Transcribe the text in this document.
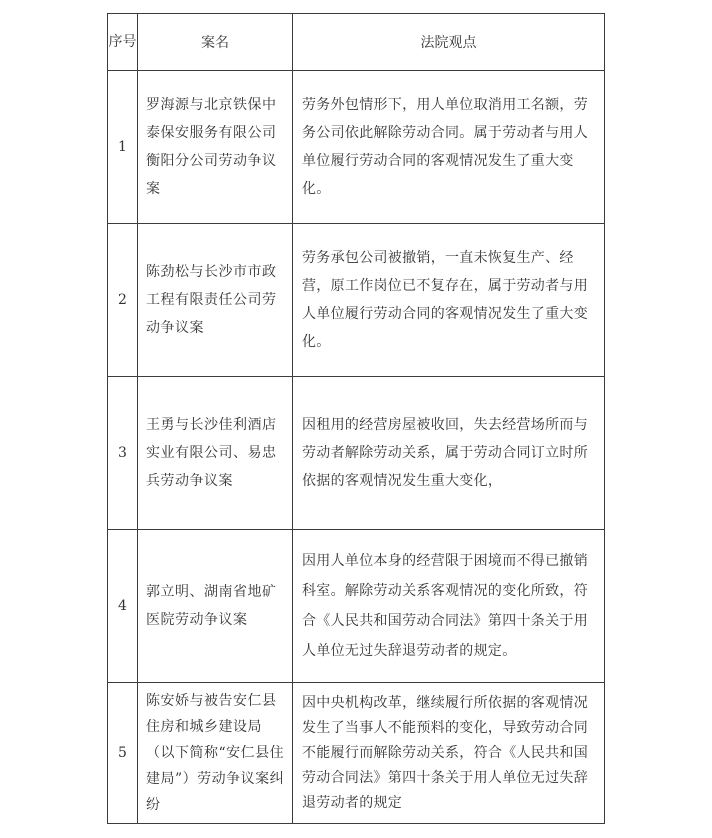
序号	案名	法院观点
1	罗海源与北京铁保中泰保安服务有限公司衡阳分公司劳动争议案	劳务外包情形下，用人单位取消用工名额，劳务公司依此解除劳动合同。属于劳动者与用人单位履行劳动合同的客观情况发生了重大变化。
2	陈劲松与长沙市市政工程有限责任公司劳动争议案	劳务承包公司被撤销，一直未恢复生产、经营，原工作岗位已不复存在，属于劳动者与用人单位履行劳动合同的客观情况发生了重大变化。
3	王勇与长沙佳利酒店实业有限公司、易忠兵劳动争议案	因租用的经营房屋被收回，失去经营场所而与劳动者解除劳动关系，属于劳动合同订立时所依据的客观情况发生重大变化，
4	郭立明、湖南省地矿医院劳动争议案	因用人单位本身的经营限于困境而不得已撤销科室。解除劳动关系客观情况的变化所致，符合《人民共和国劳动合同法》第四十条关于用人单位无过失辞退劳动者的规定。
5	陈安娇与被告安仁县住房和城乡建设局（以下简称“安仁县住建局”）劳动争议案纠纷	因中央机构改革，继续履行所依据的客观情况发生了当事人不能预料的变化，导致劳动合同不能履行而解除劳动关系，符合《人民共和国劳动合同法》第四十条关于用人单位无过失辞退劳动者的规定
